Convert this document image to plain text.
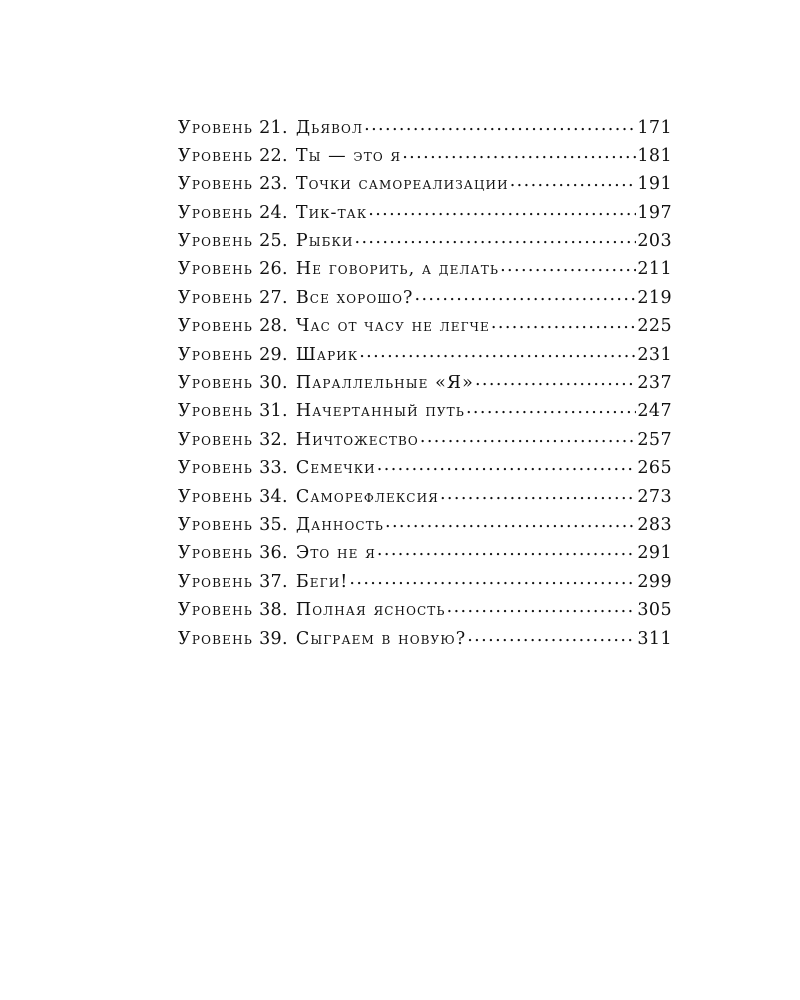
Уровень 21. Дьявол .....	171
Уровень 22. Ты — это я .....	181
Уровень 23. Точки самореализации .....	191
Уровень 24. Тик-так .....	197
Уровень 25. Рыбки .....	203
Уровень 26. Не говорить, а делать .....	211
Уровень 27. Все хорошо? .....	219
Уровень 28. Час от часу не легче .....	225
Уровень 29. Шарик .....	231
Уровень 30. Параллельные «Я» .....	237
Уровень 31. Начертанный путь .....	247
Уровень 32. Ничтожество .....	257
Уровень 33. Семечки .....	265
Уровень 34. Саморефлексия .....	273
Уровень 35. Данность .....	283
Уровень 36. Это не я .....	291
Уровень 37. Беги! .....	299
Уровень 38. Полная ясность .....	305
Уровень 39. Сыграем в новую? .....	311
